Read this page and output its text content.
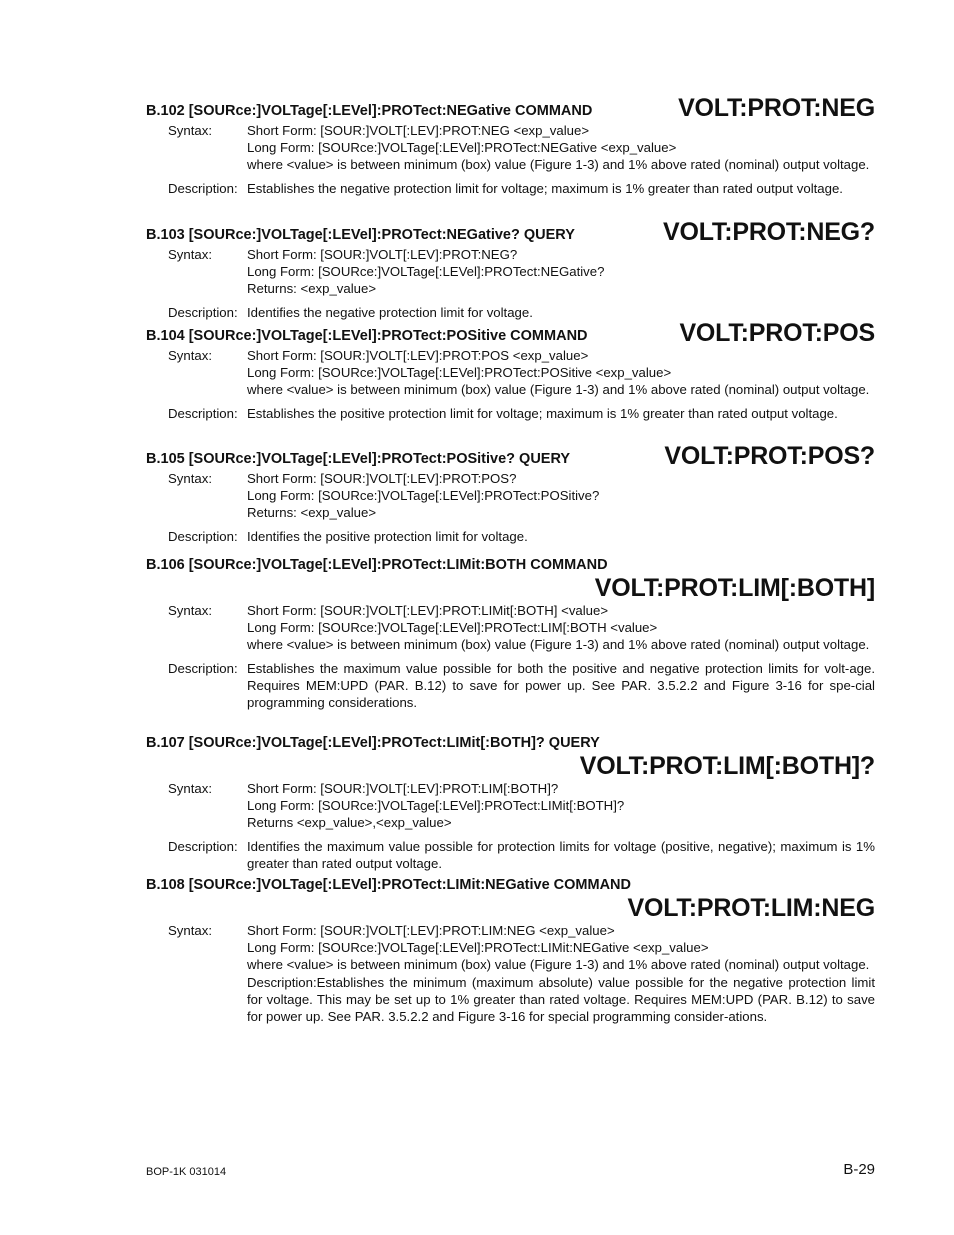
B.102 [SOURce:]VOLTage[:LEVel]:PROTect:NEGative COMMAND	VOLT:PROT:NEG
Syntax:	Short Form: [SOUR:]VOLT[:LEV]:PROT:NEG <exp_value>
Long Form: [SOURce:]VOLTage[:LEVel]:PROTect:NEGative <exp_value>
where <value> is between minimum (box) value (Figure 1-3) and 1% above rated (nominal) output voltage.
Description: Establishes the negative protection limit for voltage; maximum is 1% greater than rated output voltage.
B.103 [SOURce:]VOLTage[:LEVel]:PROTect:NEGative? QUERY	VOLT:PROT:NEG?
Syntax:	Short Form: [SOUR:]VOLT[:LEV]:PROT:NEG?
Long Form: [SOURce:]VOLTage[:LEVel]:PROTect:NEGative?
Returns: <exp_value>
Description: Identifies the negative protection limit for voltage.
B.104 [SOURce:]VOLTage[:LEVel]:PROTect:POSitive COMMAND	VOLT:PROT:POS
Syntax:	Short Form: [SOUR:]VOLT[:LEV]:PROT:POS <exp_value>
Long Form: [SOURce:]VOLTage[:LEVel]:PROTect:POSitive <exp_value>
where <value> is between minimum (box) value (Figure 1-3) and 1% above rated (nominal) output voltage.
Description: Establishes the positive protection limit for voltage; maximum is 1% greater than rated output voltage.
B.105 [SOURce:]VOLTage[:LEVel]:PROTect:POSitive? QUERY	VOLT:PROT:POS?
Syntax:	Short Form: [SOUR:]VOLT[:LEV]:PROT:POS?
Long Form: [SOURce:]VOLTage[:LEVel]:PROTect:POSitive?
Returns: <exp_value>
Description: Identifies the positive protection limit for voltage.
B.106 [SOURce:]VOLTage[:LEVel]:PROTect:LIMit:BOTH COMMAND
VOLT:PROT:LIM[:BOTH]
Syntax:	Short Form: [SOUR:]VOLT[:LEV]:PROT:LIMit[:BOTH] <value>
Long Form: [SOURce:]VOLTage[:LEVel]:PROTect:LIM[:BOTH <value>
where <value> is between minimum (box) value (Figure 1-3) and 1% above rated (nominal) output voltage.
Description: Establishes the maximum value possible for both the positive and negative protection limits for volt-age. Requires MEM:UPD (PAR. B.12) to save for power up. See PAR. 3.5.2.2 and Figure 3-16 for spe-cial programming considerations.
B.107 [SOURce:]VOLTage[:LEVel]:PROTect:LIMit[:BOTH]? QUERY
VOLT:PROT:LIM[:BOTH]?
Syntax:	Short Form: [SOUR:]VOLT[:LEV]:PROT:LIM[:BOTH]?
Long Form: [SOURce:]VOLTage[:LEVel]:PROTect:LIMit[:BOTH]?
Returns <exp_value>,<exp_value>
Description: Identifies the maximum value possible for protection limits for voltage (positive, negative); maximum is 1% greater than rated output voltage.
B.108 [SOURce:]VOLTage[:LEVel]:PROTect:LIMit:NEGative COMMAND
VOLT:PROT:LIM:NEG
Syntax:	Short Form: [SOUR:]VOLT[:LEV]:PROT:LIM:NEG <exp_value>
Long Form: [SOURce:]VOLTage[:LEVel]:PROTect:LIMit:NEGative <exp_value>
where <value> is between minimum (box) value (Figure 1-3) and 1% above rated (nominal) output voltage.
Description:Establishes the minimum (maximum absolute) value possible for the negative protection limit for voltage. This may be set up to 1% greater than rated voltage. Requires MEM:UPD (PAR. B.12) to save for power up. See PAR. 3.5.2.2 and Figure 3-16 for special programming consider-ations.
BOP-1K 031014	B-29
